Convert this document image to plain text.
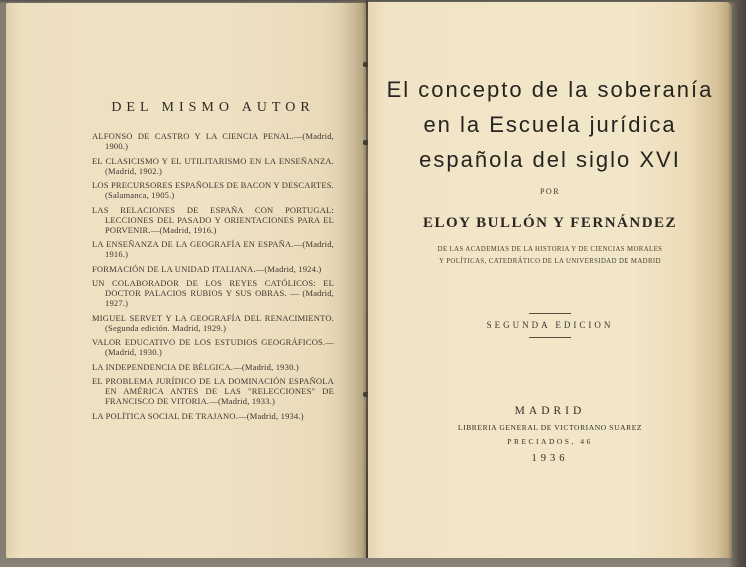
DEL MISMO AUTOR
ALFONSO DE CASTRO Y LA CIENCIA PENAL.—(Madrid, 1900.)
EL CLASICISMO Y EL UTILITARISMO EN LA ENSEÑANZA. (Madrid, 1902.)
LOS PRECURSORES ESPAÑOLES DE BACON Y DESCARTES. (Salamanca, 1905.)
LAS RELACIONES DE ESPAÑA CON PORTUGAL: LECCIONES DEL PASADO Y ORIENTACIONES PARA EL PORVENIR.—(Madrid, 1916.)
LA ENSEÑANZA DE LA GEOGRAFÍA EN ESPAÑA.—(Madrid, 1916.)
FORMACIÓN DE LA UNIDAD ITALIANA.—(Madrid, 1924.)
UN COLABORADOR DE LOS REYES CATÓLICOS: EL DOCTOR PALACIOS RUBIOS Y SUS OBRAS. — (Madrid, 1927.)
MIGUEL SERVET Y LA GEOGRAFÍA DEL RENACIMIENTO. (Segunda edición. Madrid, 1929.)
VALOR EDUCATIVO DE LOS ESTUDIOS GEOGRÁFICOS.— (Madrid, 1930.)
LA INDEPENDENCIA DE BÉLGICA.—(Madrid, 1930.)
EL PROBLEMA JURÍDICO DE LA DOMINACIÓN ESPAÑOLA EN AMÉRICA ANTES DE LAS "RELECCIONES" DE FRANCISCO DE VITORIA.—(Madrid, 1933.)
LA POLÍTICA SOCIAL DE TRAJANO.—(Madrid, 1934.)
El concepto de la soberanía
en la Escuela jurídica
española del siglo XVI
POR
ELOY BULLÓN Y FERNÁNDEZ
DE LAS ACADEMIAS DE LA HISTORIA Y DE CIENCIAS MORALES
Y POLÍTICAS, CATEDRÁTICO DE LA UNIVERSIDAD DE MADRID
SEGUNDA EDICION
MADRID
LIBRERIA GENERAL DE VICTORIANO SUAREZ
PRECIADOS, 46
1936
